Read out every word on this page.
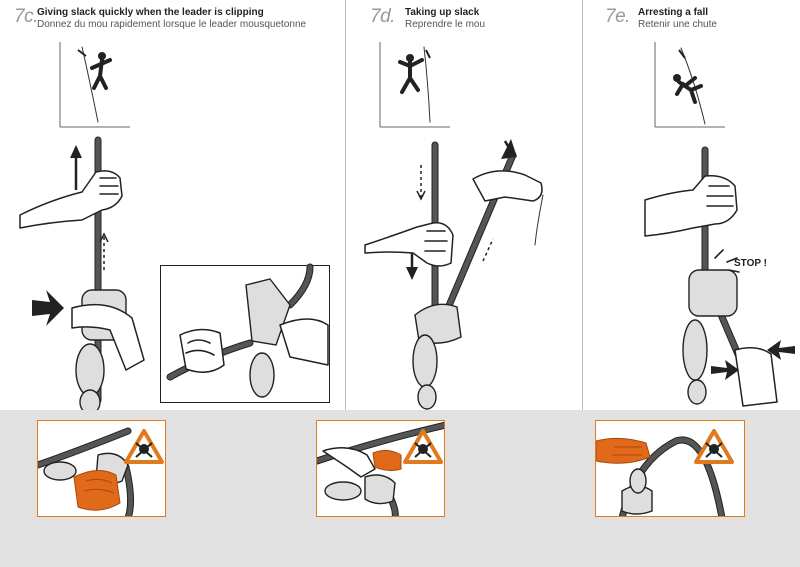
7c. Giving slack quickly when the leader is clipping
Donnez du mou rapidement lorsque le leader mousquetonne	7d. Taking up slack
Reprendre le mou	7e. Arresting a fall
Retenir une chute
STOP !
